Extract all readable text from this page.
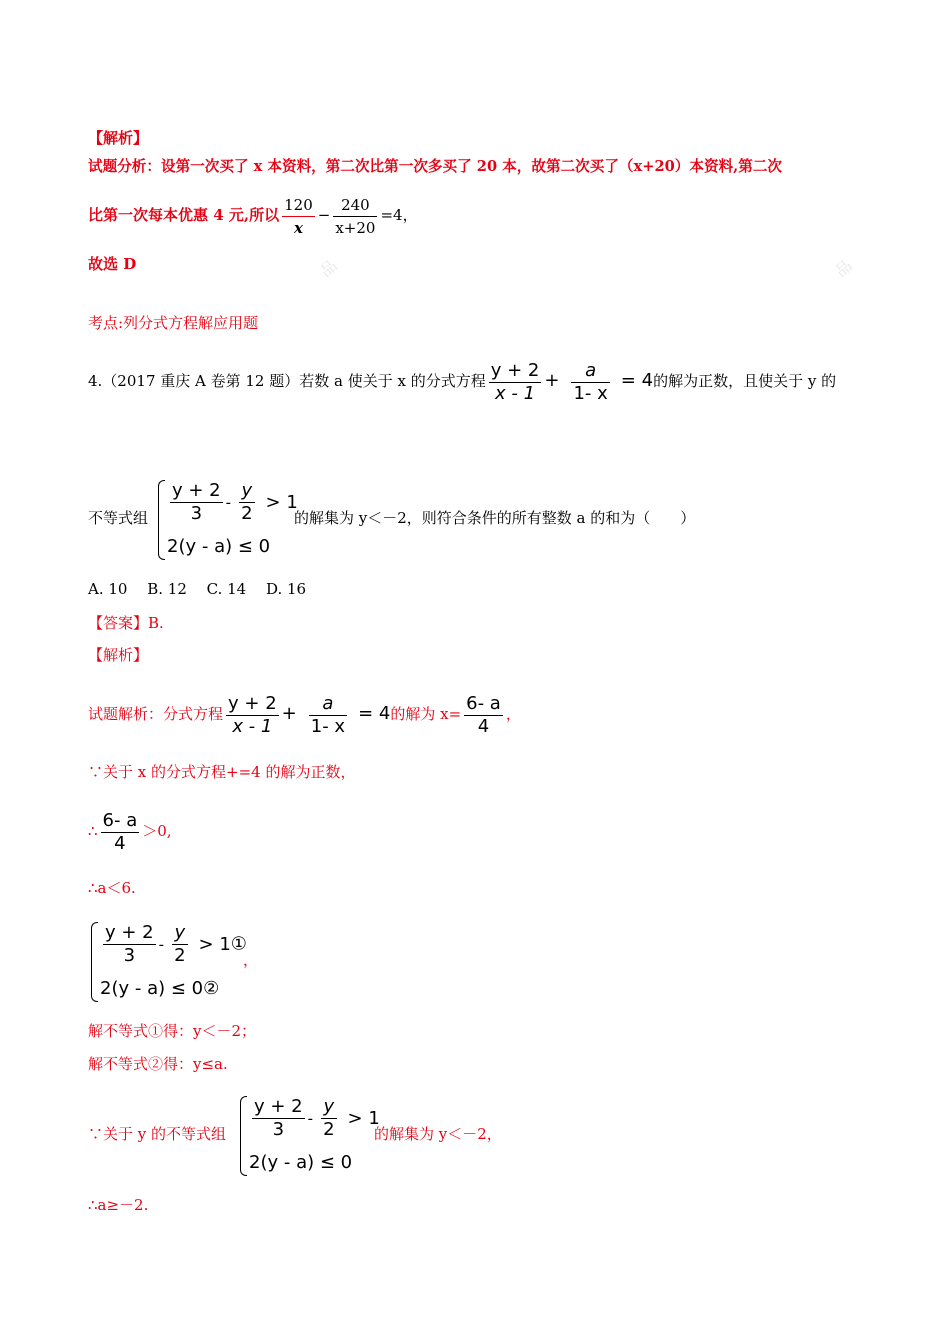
品	品
【解析】
试题分析：设第一次买了 x 本资料，第二次比第一次多买了 20 本，故第二次买了（x+20）本资料,第二次
比第一次每本优惠 4 元,所以 $\frac{120}{x} - \frac{240}{x+20} =4$，
故选 D
考点:列分式方程解应用题
4.（2017 重庆 A 卷第 12 题）若数 a 使关于 x 的分式方程 $\frac{y + 2}{x - 1} + \frac{a}{1- x} = 4$的解为正数，且使关于 y 的
不等式组 $\frac{y + 2}{3} - \frac{y}{2} > 1$
2(y - a) ≤ 0
的解集为 y＜－2，则符合条件的所有整数 a 的和为（　　）
A. 10　 B. 12　 C. 14　 D. 16
【答案】B.
【解析】
试题解析：分式方程 $\frac{y + 2}{x - 1} + \frac{a}{1- x} = 4$的解为 $x= \frac{6- a}{4}$ ，
∵关于 x 的分式方程+=4 的解为正数，
∴ $\frac{6- a}{4} >0$,
∴a＜6.
$\frac{y + 2}{3} - \frac{y}{2}$ > 1①
2(y - a) ≤ 0②
，
解不等式①得：y＜－2；
解不等式②得：y≤a.
∵关于 y 的不等式组 $\frac{y + 2}{3} - \frac{y}{2} > 1$
2(y - a) ≤ 0
的解集为 y＜－2，
∴a≥－2.
